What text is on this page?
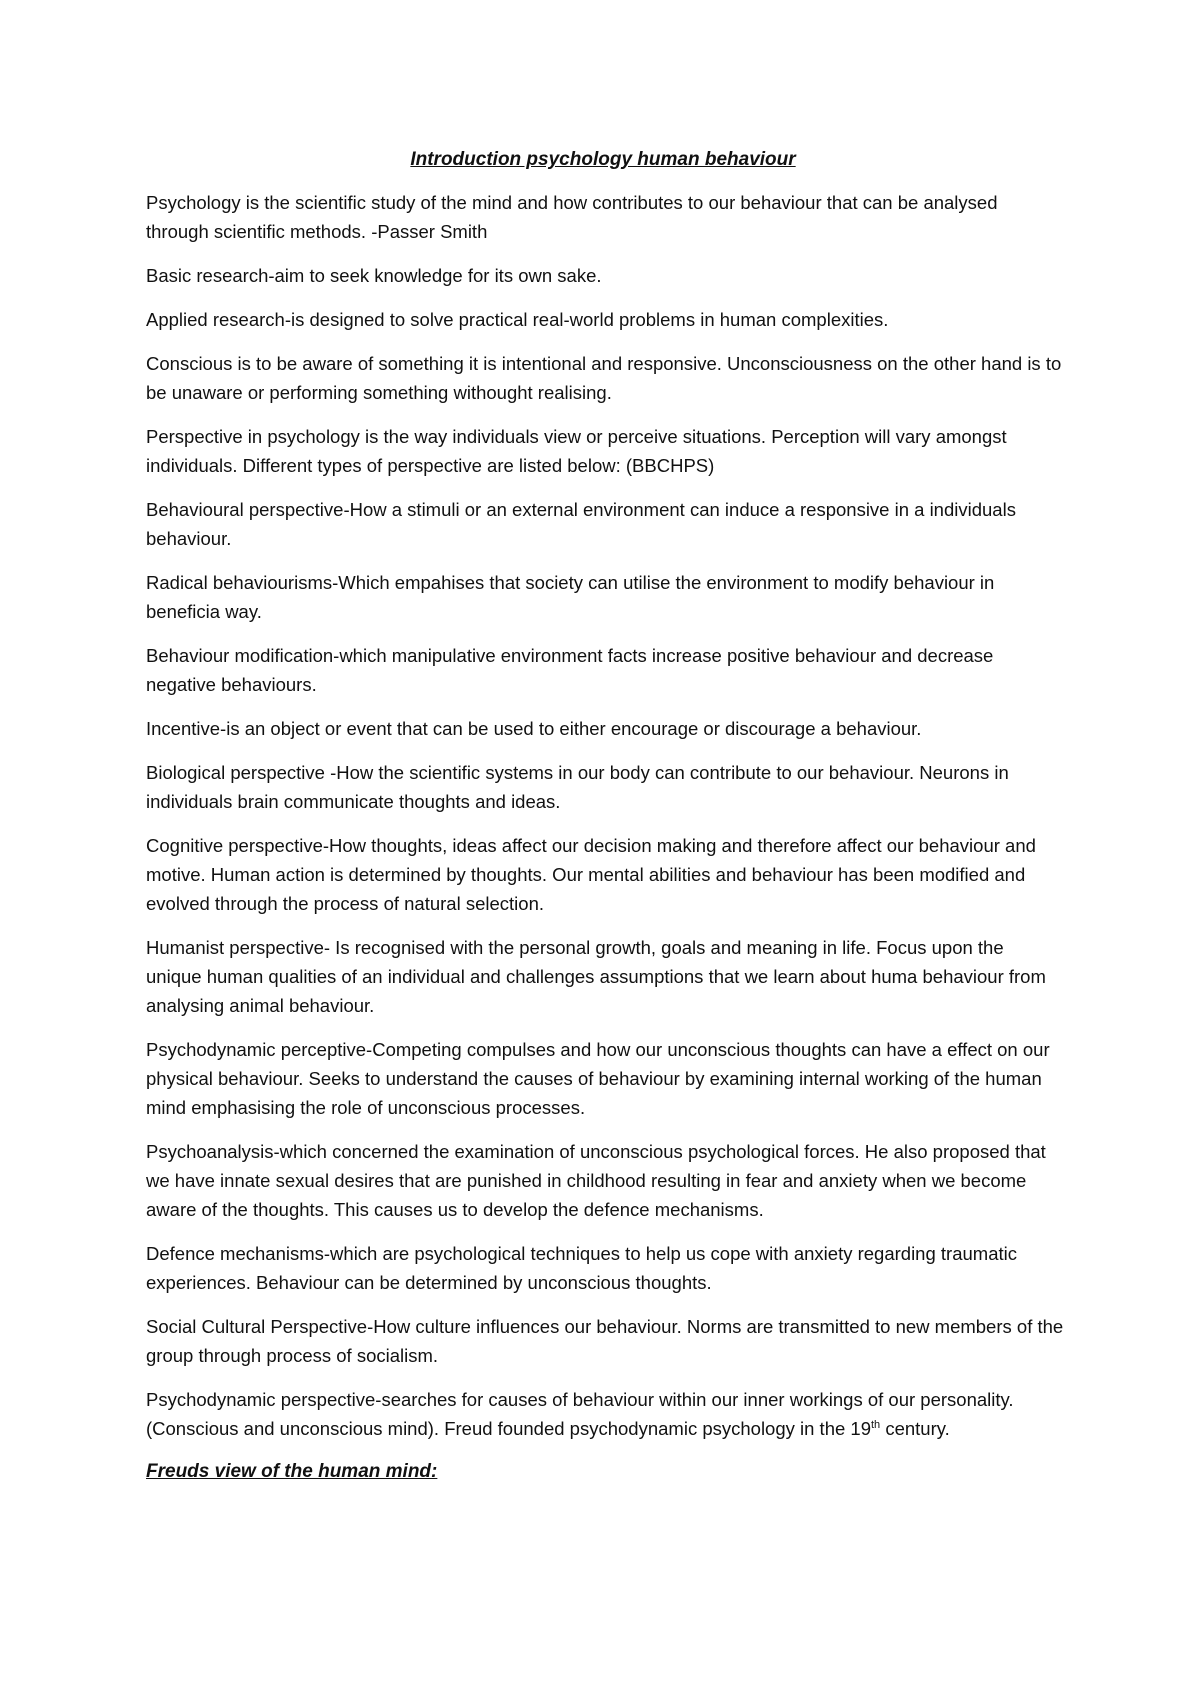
Introduction psychology human behaviour

Psychology is the scientific study of the mind and how contributes to our behaviour that can be analysed through scientific methods. -Passer Smith

Basic research-aim to seek knowledge for its own sake.

Applied research-is designed to solve practical real-world problems in human complexities.

Conscious is to be aware of something it is intentional and responsive. Unconsciousness on the other hand is to be unaware or performing something withought realising.

Perspective in psychology is the way individuals view or perceive situations. Perception will vary amongst individuals. Different types of perspective are listed below: (BBCHPS)

Behavioural perspective-How a stimuli or an external environment can induce a responsive in a individuals behaviour.

Radical behaviourisms-Which empahises that society can utilise the environment to modify behaviour in beneficia way.

Behaviour modification-which manipulative environment facts increase positive behaviour and decrease negative behaviours.

Incentive-is an object or event that can be used to either encourage or discourage a behaviour.

Biological perspective -How the scientific systems in our body can contribute to our behaviour. Neurons in individuals brain communicate thoughts and ideas.

Cognitive perspective-How thoughts, ideas affect our decision making and therefore affect our behaviour and motive. Human action is determined by thoughts. Our mental abilities and behaviour has been modified and evolved through the process of natural selection.

Humanist perspective- Is recognised with the personal growth, goals and meaning in life. Focus upon the unique human qualities of an individual and challenges assumptions that we learn about huma behaviour from analysing animal behaviour.

Psychodynamic perceptive-Competing compulses and how our unconscious thoughts can have a effect on our physical behaviour. Seeks to understand the causes of behaviour by examining internal working of the human mind emphasising the role of unconscious processes.

Psychoanalysis-which concerned the examination of unconscious psychological forces. He also proposed that we have innate sexual desires that are punished in childhood resulting in fear and anxiety when we become aware of the thoughts. This causes us to develop the defence mechanisms.

Defence mechanisms-which are psychological techniques to help us cope with anxiety regarding traumatic experiences. Behaviour can be determined by unconscious thoughts.

Social Cultural Perspective-How culture influences our behaviour. Norms are transmitted to new members of the group through process of socialism.

Psychodynamic perspective-searches for causes of behaviour within our inner workings of our personality. (Conscious and unconscious mind). Freud founded psychodynamic psychology in the 19th century.

Freuds view of the human mind:
